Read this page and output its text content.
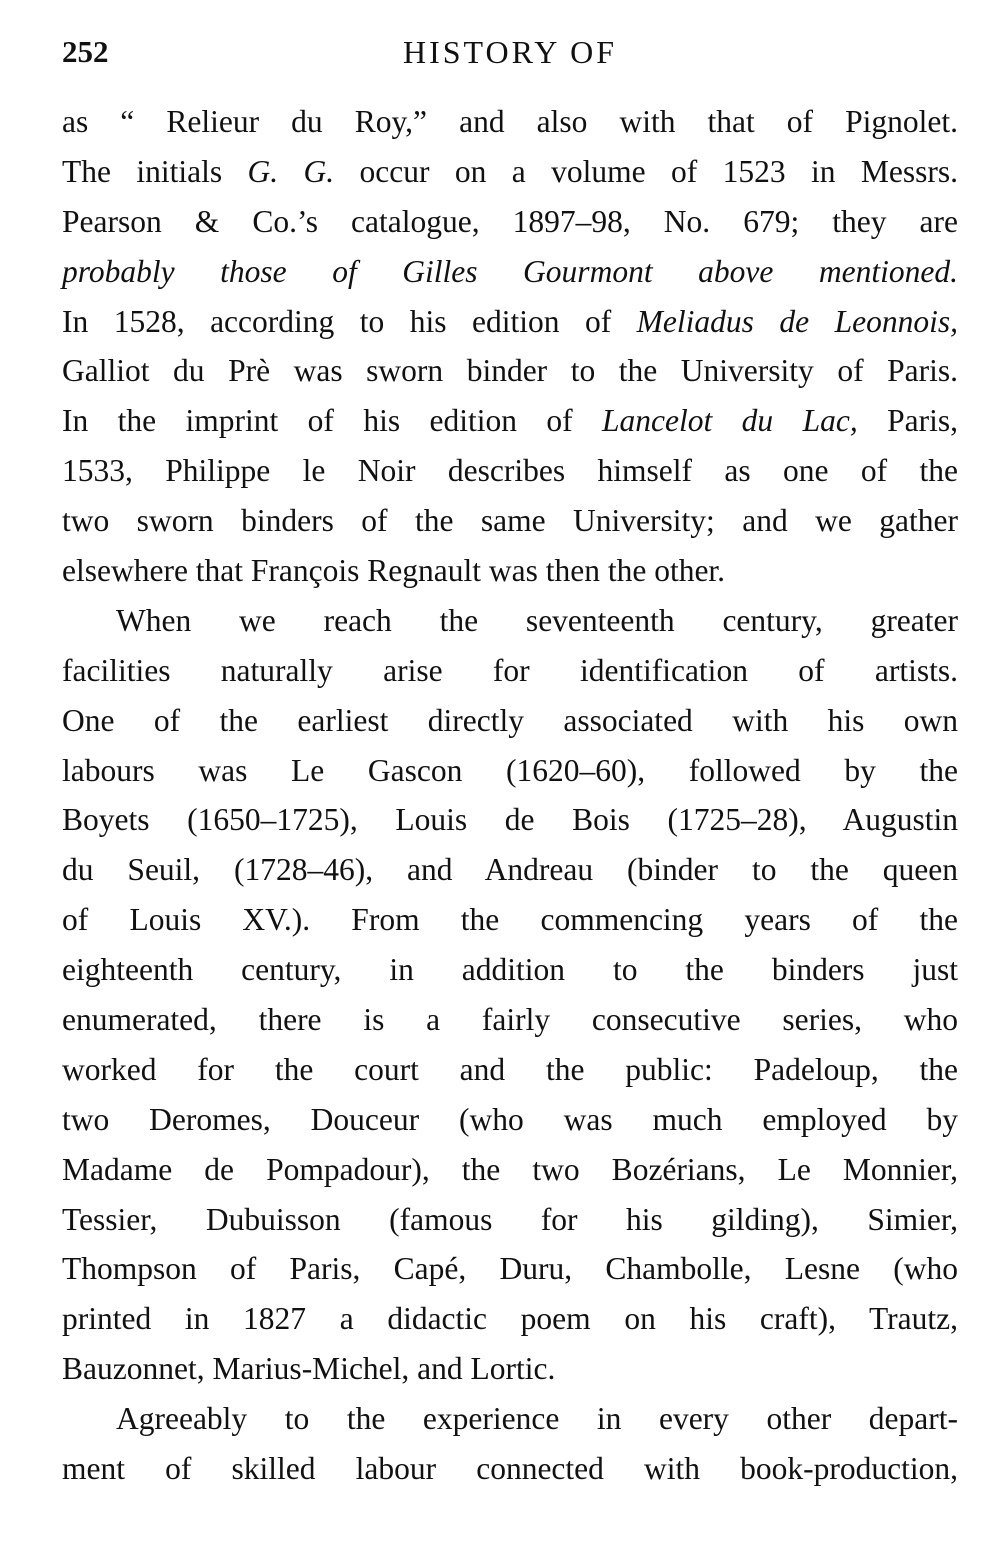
252	HISTORY OF

as “ Relieur du Roy,” and also with that of Pignolet.
The initials G. G. occur on a volume of 1523 in Messrs.
Pearson & Co.’s catalogue, 1897–98, No. 679; they are
probably those of Gilles Gourmont above mentioned.
In 1528, according to his edition of Meliadus de Leonnois,
Galliot du Prè was sworn binder to the University of Paris.
In the imprint of his edition of Lancelot du Lac, Paris,
1533, Philippe le Noir describes himself as one of the
two sworn binders of the same University; and we gather
elsewhere that François Regnault was then the other.

When we reach the seventeenth century, greater
facilities naturally arise for identification of artists.
One of the earliest directly associated with his own
labours was Le Gascon (1620–60), followed by the
Boyets (1650–1725), Louis de Bois (1725–28), Augustin
du Seuil, (1728–46), and Andreau (binder to the queen
of Louis XV.). From the commencing years of the
eighteenth century, in addition to the binders just
enumerated, there is a fairly consecutive series, who
worked for the court and the public: Padeloup, the
two Deromes, Douceur (who was much employed by
Madame de Pompadour), the two Bozérians, Le Monnier,
Tessier, Dubuisson (famous for his gilding), Simier,
Thompson of Paris, Capé, Duru, Chambolle, Lesne (who
printed in 1827 a didactic poem on his craft), Trautz,
Bauzonnet, Marius-Michel, and Lortic.

Agreeably to the experience in every other depart-
ment of skilled labour connected with book-production,
